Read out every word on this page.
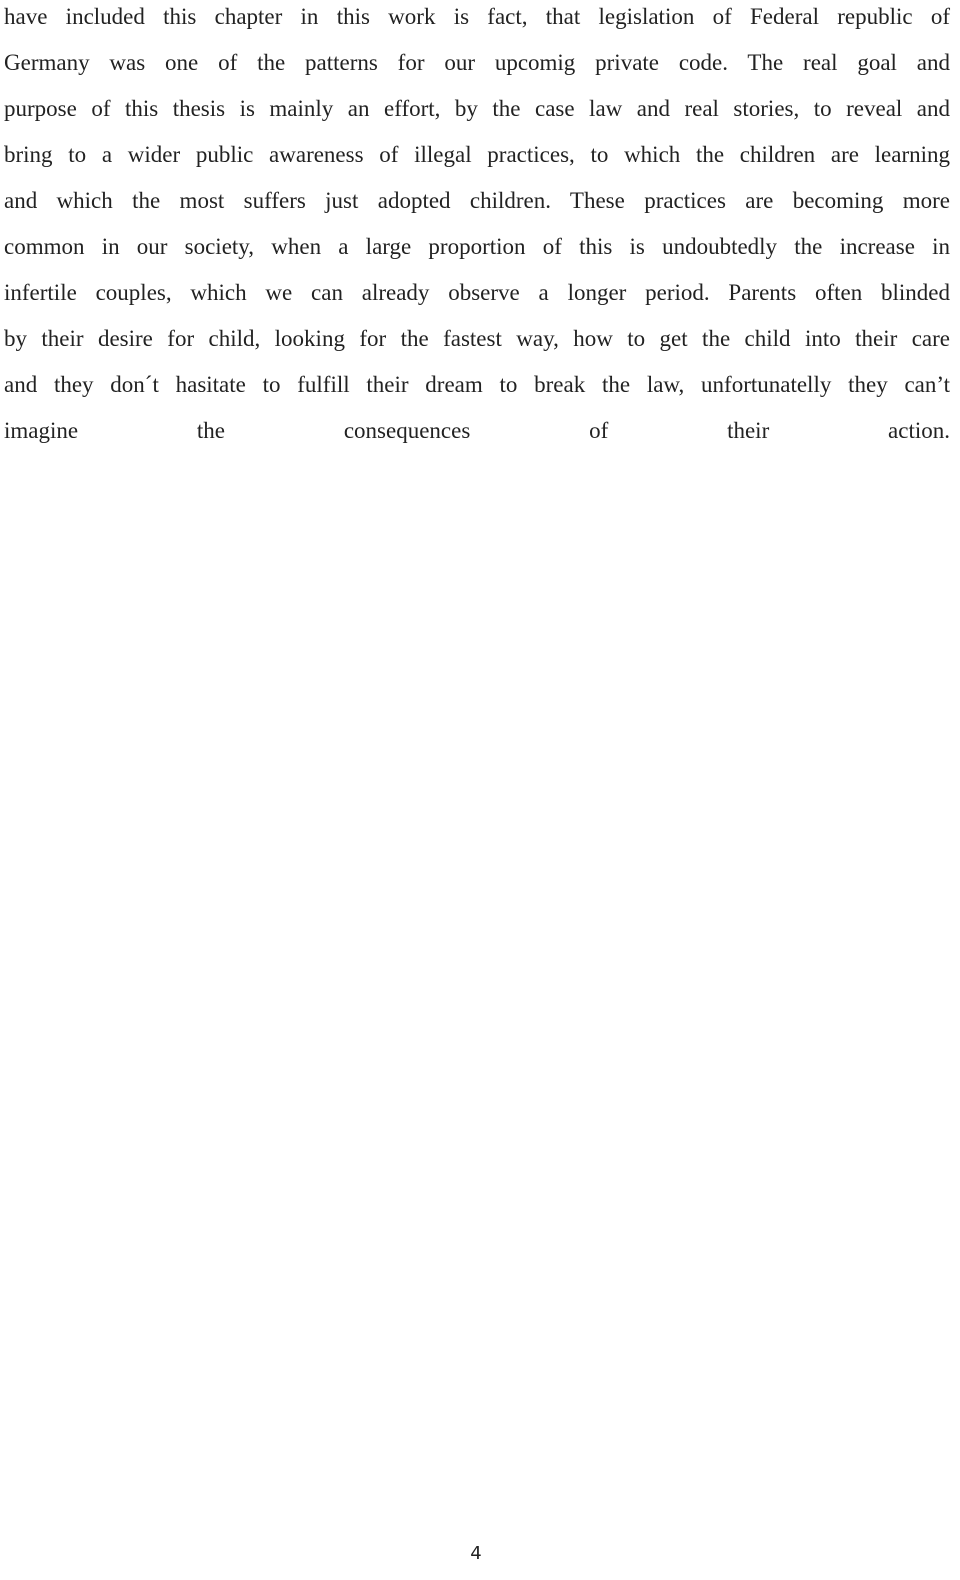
have included this chapter in this work is fact, that legislation of Federal republic of
Germany was one of the patterns for our upcomig private code. The real goal and
purpose of this thesis is mainly an effort, by the case law and real stories, to reveal and
bring to a wider public awareness of illegal practices, to which the children are learning
and which the most suffers just adopted children. These practices are becoming more
common in our society, when a large proportion of this is undoubtedly the increase in
infertile couples, which we can already observe a longer period. Parents often blinded
by their desire for child, looking for the fastest way, how to get the child into their care
and they don´t hasitate to fulfill their dream to break the law, unfortunatelly they can’t
imagine the consequences of their action.
4
